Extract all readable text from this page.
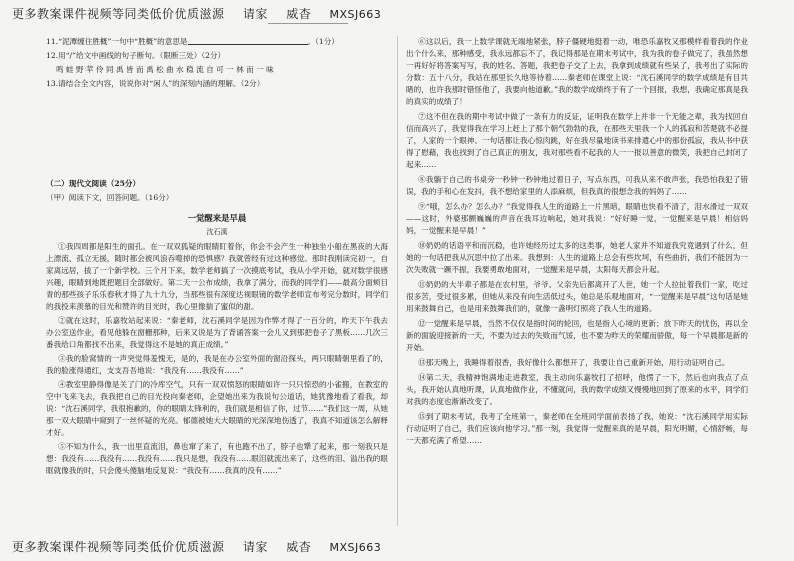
更多教案课件视频等同类低价优质滋源 请家 威杳 MXSJ663
11.“泥潭缠住胜概”一句中“胜概”的意思是	。（1分）
12.用“/”给文中画线的句子断句。（限断三处）（2分）
鸣 蛙 野 苹 伶 同 禹 皆 而 禹 松 曲 水 稳 流 自 可 一 林 而 一 味
13.请结合全文内容，说说你对“闲人”的深刻内涵的理解。（2分）
（二）现代文阅读（25分）
（甲）阅读下文，回答问题。（16分）
一觉醒来是早晨
沈石溪

①我四周都是阳生的面孔。在一双双狐疑的眼睛盯着你，你会不会产生一种独坐小船在黑夜的大海上漂流、孤立无援，随时都会被风浪吞噬掉的恐惧感？我就曾经有过这种感觉。那时我刚读完初一，自家离远居，拔了一个新学校。三个月下来，数学老师搞了一次摸底考试，我从小学开始，就对数学很感兴趣，眼睛到地既把题目全部做好。第二天一公布成绩，我拿了满分，而我的同学们——最高分面颊目青的那些孩子乐乐春秋才得了九十九分，当那些很有深度达视眼镜的数学老师宣布考完分数时，同学们的我投来羡慕的目光和赞许的目光时，我心里像揣了蜜似的甜。

②就在这时，乐嘉牧站起来说：“秦老师，沈石溪同学是因为作弊才得了一百分的，昨天下午我去办公室送作业，看见他躲在窗栅那种，后来又说是为了背诵答案一会儿又到那把卷子了黑板……几次三番我给口角都找不出来，我觉得这不是她的真正成绩。”

③我的脸窝情的一声突觉得羞愧无，是的，我是在办公室外面的窗沿探头，两只眼睛朝里看了的，我的脸涨得通红，支支吾吾地说：“我没有……我没有……”

④教室里静得像是关了门的冷库空气，只有一双双愤怒的眼睛如许一只只惊恐的小雀搬，在教室的空中飞来飞去，我我把自己的目光投向秦老师，企望她出来为我说句公道话，她犹豫地看了看我，却说：“沈石溪同学，我很抱歉的，你的眼睛太锋利的，我们就是相信了你，过节……”我们这一周，从她那一双大眼睛中窥到了一丝怀疑的光亮。郁德被她大大眼睛的光深深地伤透了，我真不知道该怎么解释才好。

⑤不知为什么，我一出里直流泪，鼻也窜了来了，有也跑不出了，脖子也犟了起来，那一刻我只是想：我没有……我没有……我没有……我只是想，我没有……眼泪就流出来了，这些的泪、溢出我的眼眶就像我的时，只会傻头傻脑地反复说：“我没有……我真的没有……”

⑥这以后，我一上数学课就无端地紧张，脖子僵硬地挺着一动，唯恐乐嘉牧又那模样看着我的作业出个什么来，那种感受，我永远都忘不了，我记得那是在期末考试中，我为我的卷子做完了，我虽然想一再好好将答案写写，我的姓名、答题，我把卷子交了上去，我拿到成绩就有些呆了，我考出了实际的分数：五十八分，我站在那里长久地等待着……秦老师在课堂上说：“沈石溪同学的数学成绩是有目共睹的，也许我那时错怪他了，我要向他道歉。”我的数学成绩终于有了一个回报，我想，我确定那真是我的真实的成绩了！

⑦这不但在我的期中考试中做了一条有力的反证，证明我在数学上并非一个无能之辈，我为找回自信而高兴了，我觉得我在学习上赶上了那个朝气勃勃的我，在那些天里我一个人的孤寂和苦楚就不必提了，人家的一个眼神、一句话都让我心惊肉跳，好在我尽量地读书来排遣心中的那份孤寂，我从书中获得了慰藉，我也找到了自己真正的朋友，我对那些看不起我的人一一报以善意的微笑，我把自己封闭了起来……

⑧我躺于自己的书桌旁一秒钟一秒钟地过着日子，写点东西，可我从来不敢声张，我恐怕我犯了错误，我的手和心在发抖，我不想给家里的人添麻烦，但我真的很想念我的妈妈了……

⑨“哦，怎么办？怎么办？”我觉得我人生的道路上一片黑暗，眼睛也快看不清了，泪水滑过一双双——这时，外婆那颤巍巍的声音在我耳边响起，她对我说：“好好睡一觉，一觉醒来是早晨！相信妈妈，一觉醒来是早晨！”

⑩奶奶的话语平和而沉稳，也许她经历过太多的这类事，她老人家并不知道我究竟遇到了什么，但她的一句话把我从沉思中拉了出来。我想到：人生的道路上总会有些坎坷，有些曲折，我们不能因为一次失败就一蹶不振，我要勇敢地面对，一觉醒来是早晨，太阳每天都会升起。

⑪奶奶的大半辈子都是在农村里，爷爷、父亲先后都离开了人世，她一个人拉扯着我们一家，吃过很多苦，受过很多累，但她从来没有向生活低过头，她总是乐观地面对，“一觉醒来是早晨”这句话是她用来鼓舞自己，也是用来鼓舞我们的，就像一盏明灯照亮了我人生的道路。

⑫一觉醒来是早晨，当然不仅仅是指时间的轮回，也是指人心境的更新；放下昨天的忧伤，再以全新的面貌迎接新的一天，不要为过去的失败而气馁，也不要为昨天的荣耀而骄傲，每一个早晨都是新的开始。

⑬那天晚上，我睡得着很香，我好像什么都想开了，我要让自己重新开始，用行动证明自己。

⑭第二天，我精神饱满地走进教室，我主动向乐嘉牧打了招呼，他愣了一下，然后也向我点了点头，我开始认真地听课，认真地做作业，不懂就问，我的数学成绩又慢慢地回到了原来的水平，同学们对我的态度也渐渐改变了。

⑮到了期末考试，我考了全班第一，秦老师在全班同学面前表扬了我，她说：“沈石溪同学用实际行动证明了自己，我们应该向他学习。”那一刻，我觉得一觉醒来真的是早晨，阳光明媚，心情舒畅，每一天都充满了希望……

更多教案课件视频等同类低价优质滋源 请家 威杳 MXSJ663
